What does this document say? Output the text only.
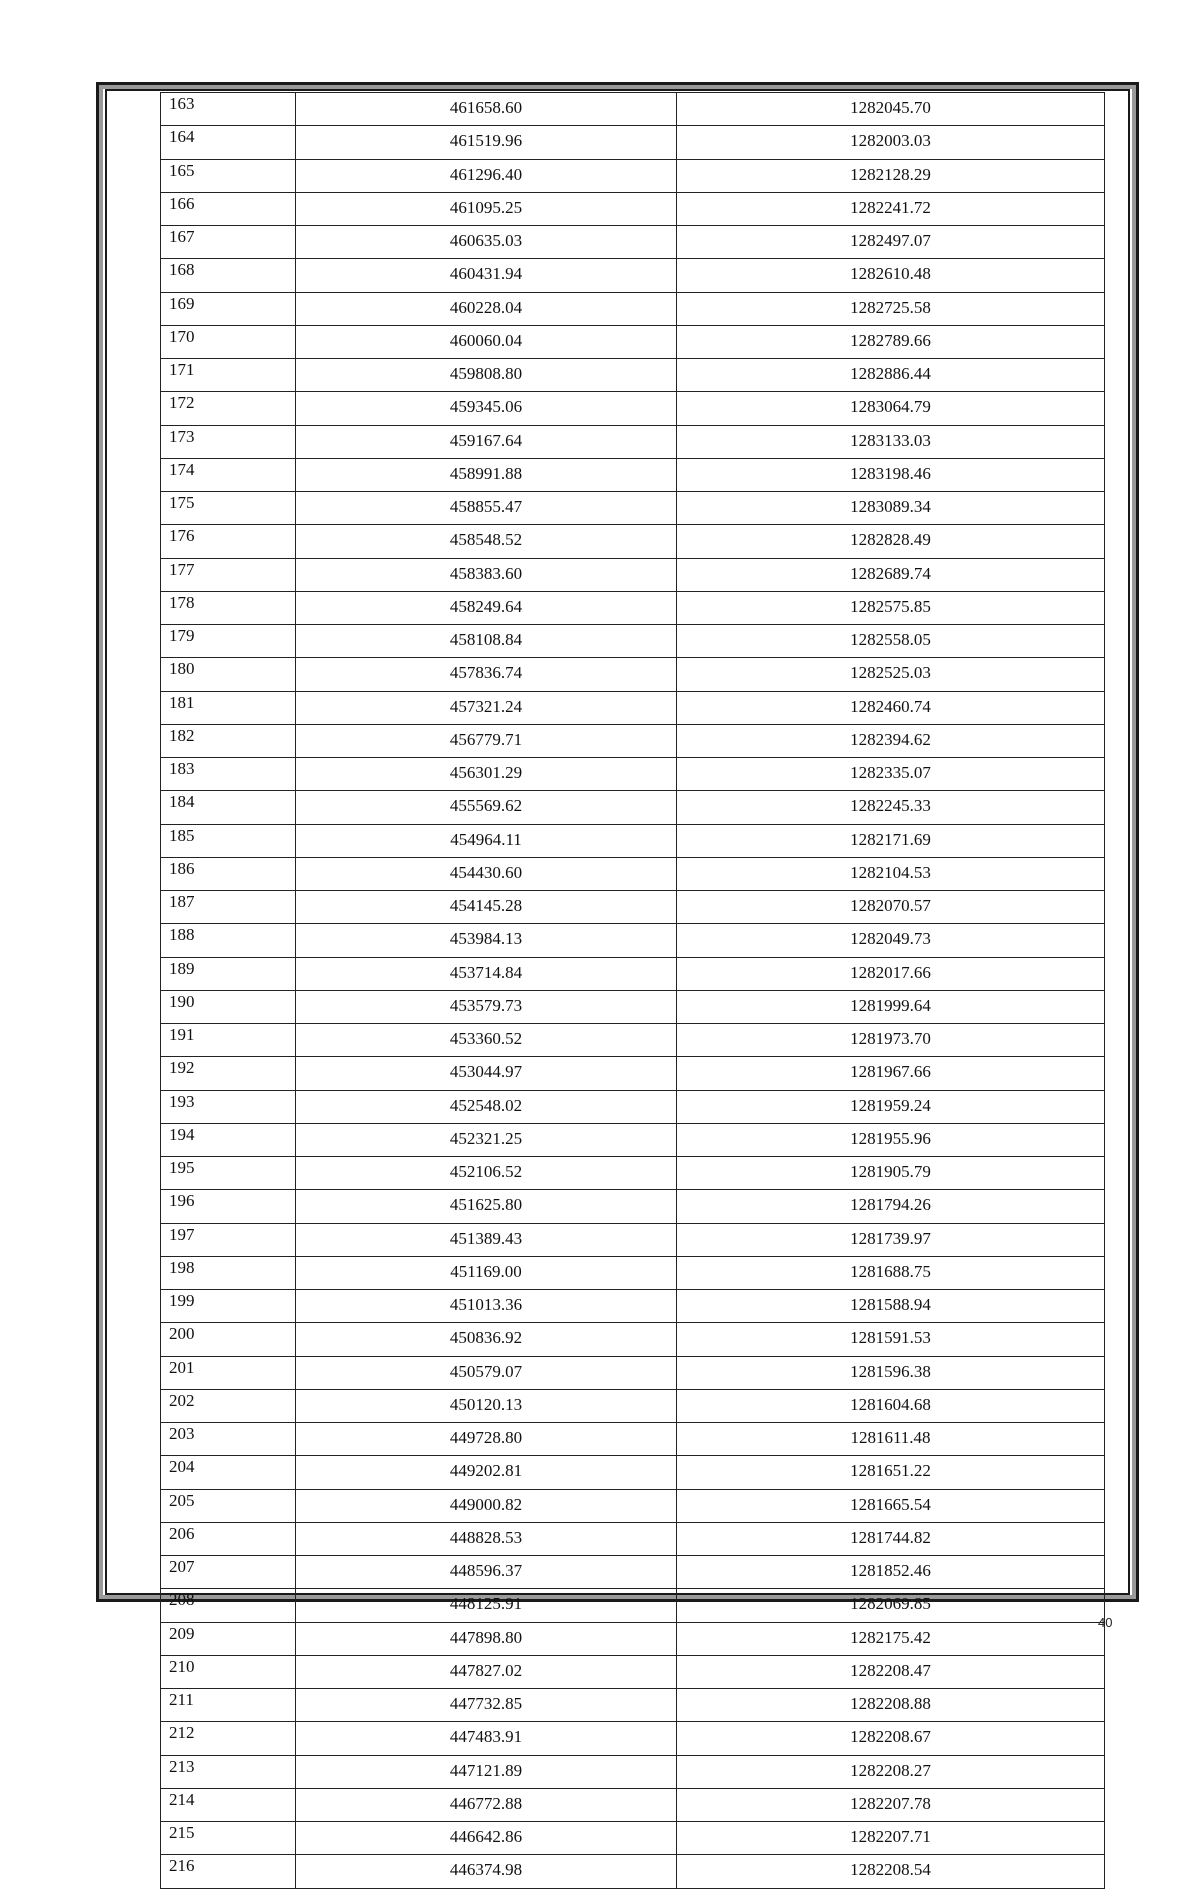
163	461658.60	1282045.70
164	461519.96	1282003.03
165	461296.40	1282128.29
166	461095.25	1282241.72
167	460635.03	1282497.07
168	460431.94	1282610.48
169	460228.04	1282725.58
170	460060.04	1282789.66
171	459808.80	1282886.44
172	459345.06	1283064.79
173	459167.64	1283133.03
174	458991.88	1283198.46
175	458855.47	1283089.34
176	458548.52	1282828.49
177	458383.60	1282689.74
178	458249.64	1282575.85
179	458108.84	1282558.05
180	457836.74	1282525.03
181	457321.24	1282460.74
182	456779.71	1282394.62
183	456301.29	1282335.07
184	455569.62	1282245.33
185	454964.11	1282171.69
186	454430.60	1282104.53
187	454145.28	1282070.57
188	453984.13	1282049.73
189	453714.84	1282017.66
190	453579.73	1281999.64
191	453360.52	1281973.70
192	453044.97	1281967.66
193	452548.02	1281959.24
194	452321.25	1281955.96
195	452106.52	1281905.79
196	451625.80	1281794.26
197	451389.43	1281739.97
198	451169.00	1281688.75
199	451013.36	1281588.94
200	450836.92	1281591.53
201	450579.07	1281596.38
202	450120.13	1281604.68
203	449728.80	1281611.48
204	449202.81	1281651.22
205	449000.82	1281665.54
206	448828.53	1281744.82
207	448596.37	1281852.46
208	448125.91	1282069.85
209	447898.80	1282175.42
210	447827.02	1282208.47
211	447732.85	1282208.88
212	447483.91	1282208.67
213	447121.89	1282208.27
214	446772.88	1282207.78
215	446642.86	1282207.71
216	446374.98	1282208.54
40
